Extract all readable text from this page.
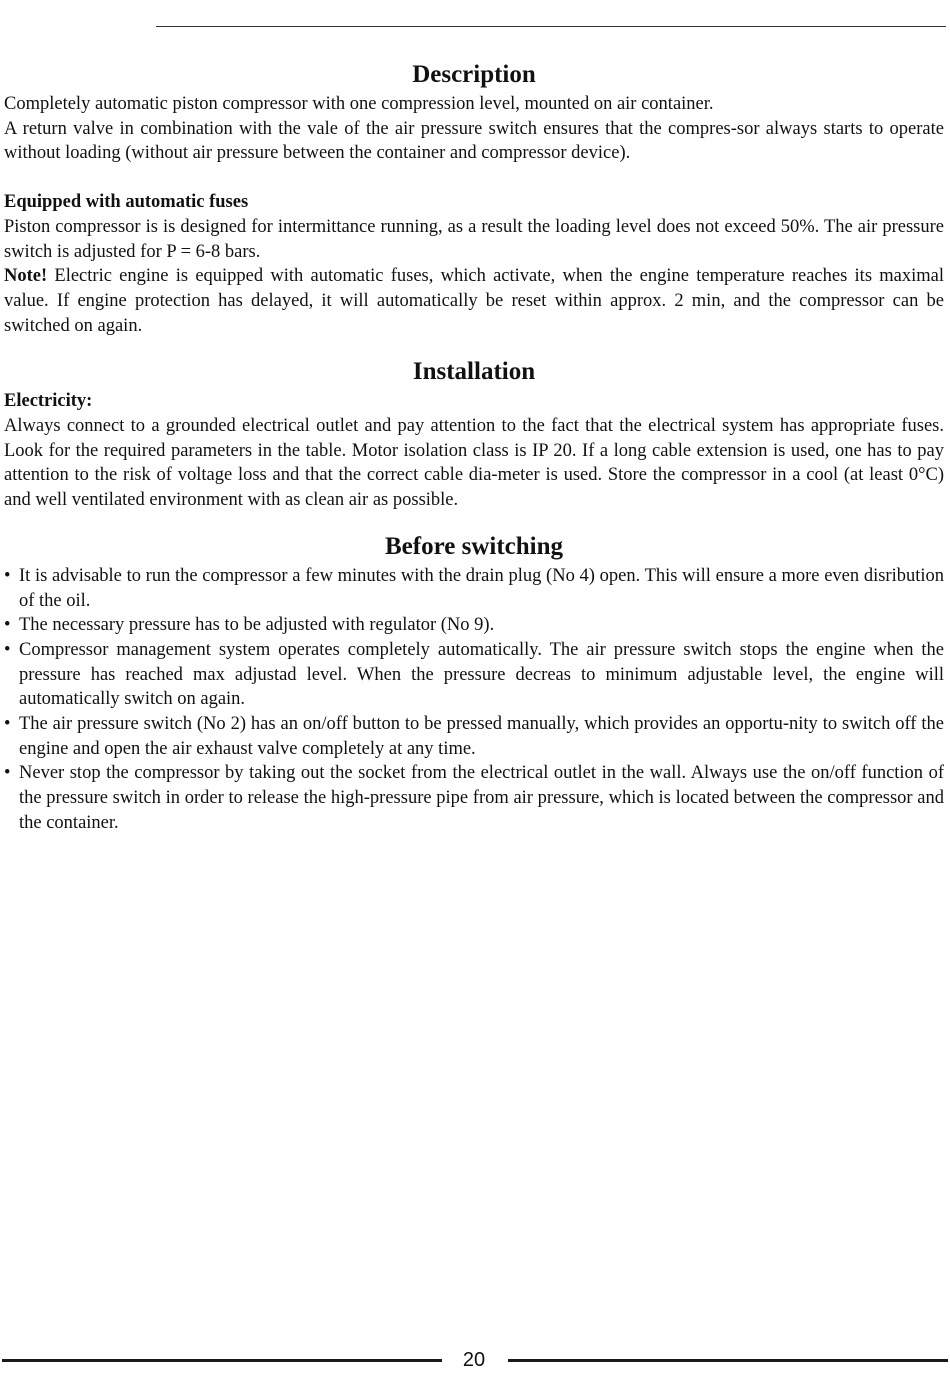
Description

Completely automatic piston compressor with one compression level, mounted on air container.

A return valve in combination with the vale of the air pressure switch ensures that the compres-sor always starts to operate without loading (without air pressure between the container and compressor device).

Equipped with automatic fuses

Piston compressor is is designed for intermittance running, as a result the loading level does not exceed 50%. The air pressure switch is adjusted for P = 6-8 bars.

Note! Electric engine is equipped with automatic fuses, which activate, when the engine temperature reaches its maximal value. If engine protection has delayed, it will automatically be reset within approx. 2 min, and the compressor can be switched on again.

Installation
Electricity:

Always connect to a grounded electrical outlet and pay attention to the fact that the electrical system has appropriate fuses. Look for the required parameters in the table. Motor isolation class is IP 20. If a long cable extension is used, one has to pay attention to the risk of voltage loss and that the correct cable dia-meter is used. Store the compressor in a cool (at least 0°C) and well ventilated environment with as clean air as possible.

Before switching
• It is advisable to run the compressor a few minutes with the drain plug (No 4) open. This will ensure a more even disribution of the oil.
• The necessary pressure has to be adjusted with regulator (No 9).
• Compressor management system operates completely automatically. The air pressure switch stops the engine when the pressure has reached max adjustad level. When the pressure decreas to minimum adjustable level, the engine will automatically switch on again.
• The air pressure switch (No 2) has an on/off button to be pressed manually, which provides an opportu-nity to switch off the engine and open the air exhaust valve completely at any time.
• Never stop the compressor by taking out the socket from the electrical outlet in the wall. Always use the on/off function of the pressure switch in order to release the high-pressure pipe from air pressure, which is located between the compressor and the container.
20
